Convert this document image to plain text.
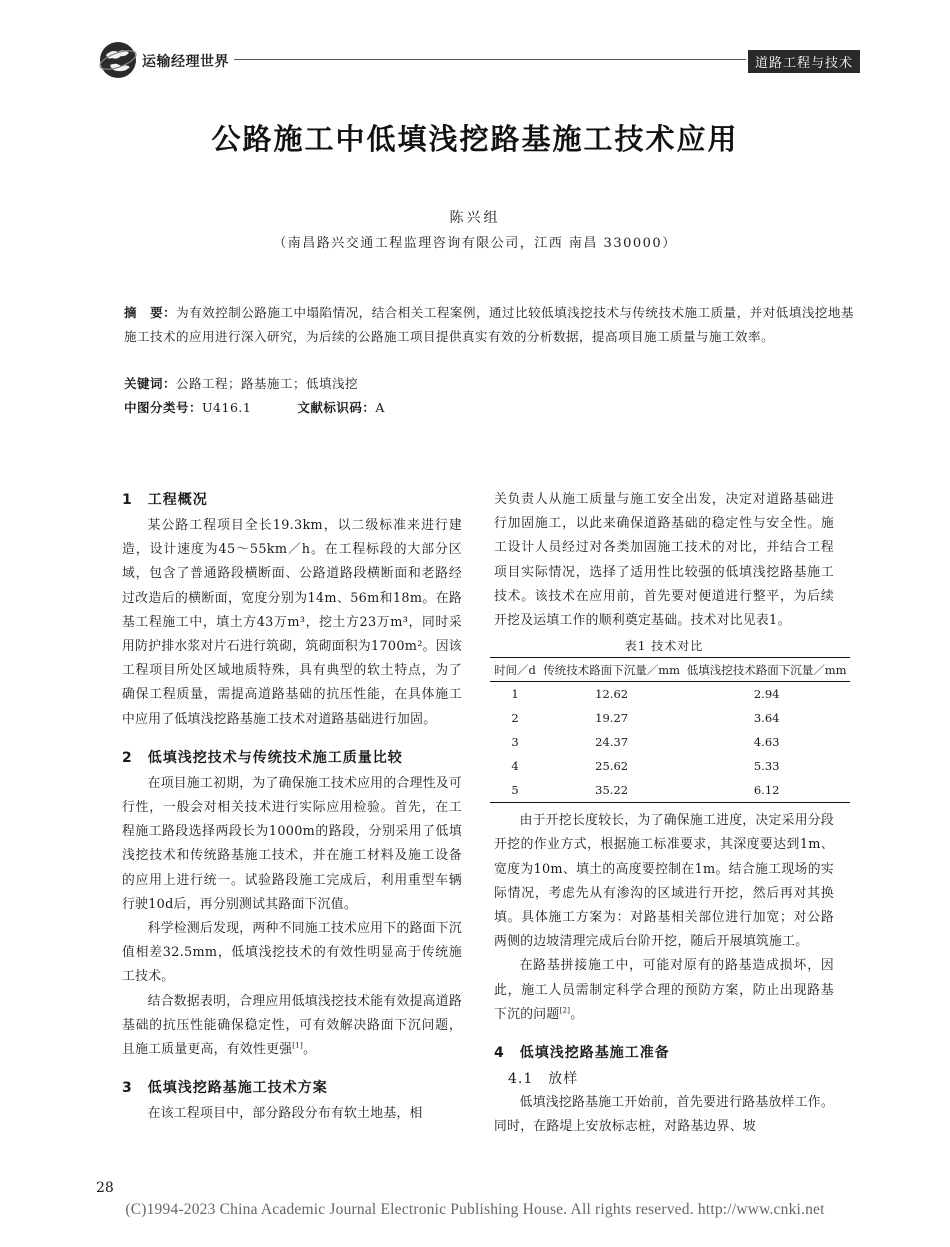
运输经理世界	道路工程与技术
公路施工中低填浅挖路基施工技术应用
陈兴组
（南昌路兴交通工程监理咨询有限公司，江西 南昌 330000）
摘　要：为有效控制公路施工中塌陷情况，结合相关工程案例，通过比较低填浅挖技术与传统技术施工质量，并对低填浅挖地基施工技术的应用进行深入研究，为后续的公路施工项目提供真实有效的分析数据，提高项目施工质量与施工效率。
关键词：公路工程；路基施工；低填浅挖
中图分类号：U416.1	文献标识码：A
1　工程概况

某公路工程项目全长19.3km，以二级标准来进行建造，设计速度为45～55km／h。在工程标段的大部分区域，包含了普通路段横断面、公路道路段横断面和老路经过改造后的横断面，宽度分别为14m、56m和18m。在路基工程施工中，填土方43万m³，挖土方23万m³，同时采用防护排水浆对片石进行筑砌，筑砌面积为1700m²。因该工程项目所处区域地质特殊，具有典型的软土特点，为了确保工程质量，需提高道路基础的抗压性能，在具体施工中应用了低填浅挖路基施工技术对道路基础进行加固。

2　低填浅挖技术与传统技术施工质量比较

在项目施工初期，为了确保施工技术应用的合理性及可行性，一般会对相关技术进行实际应用检验。首先，在工程施工路段选择两段长为1000m的路段，分别采用了低填浅挖技术和传统路基施工技术，并在施工材料及施工设备的应用上进行统一。试验路段施工完成后，利用重型车辆行驶10d后，再分别测试其路面下沉值。

科学检测后发现，两种不同施工技术应用下的路面下沉值相差32.5mm，低填浅挖技术的有效性明显高于传统施工技术。

结合数据表明，合理应用低填浅挖技术能有效提高道路基础的抗压性能确保稳定性，可有效解决路面下沉问题，且施工质量更高，有效性更强[1]。

3　低填浅挖路基施工技术方案

在该工程项目中，部分路段分布有软土地基，相

关负责人从施工质量与施工安全出发，决定对道路基础进行加固施工，以此来确保道路基础的稳定性与安全性。施工设计人员经过对各类加固施工技术的对比，并结合工程项目实际情况，选择了适用性比较强的低填浅挖路基施工技术。该技术在应用前，首先要对便道进行整平，为后续开挖及运填工作的顺利奠定基础。技术对比见表1。

表1 技术对比
时间／d	传统技术路面下沉量／mm	低填浅挖技术路面下沉量／mm
1	12.62	2.94
2	19.27	3.64
3	24.37	4.63
4	25.62	5.33
5	35.22	6.12

由于开挖长度较长，为了确保施工进度，决定采用分段开挖的作业方式，根据施工标准要求，其深度要达到1m、宽度为10m、填土的高度要控制在1m。结合施工现场的实际情况，考虑先从有渗沟的区域进行开挖，然后再对其换填。具体施工方案为：对路基相关部位进行加宽；对公路两侧的边坡清理完成后台阶开挖，随后开展填筑施工。

在路基拼接施工中，可能对原有的路基造成损坏，因此，施工人员需制定科学合理的预防方案，防止出现路基下沉的问题[2]。

4　低填浅挖路基施工准备
4.1　放样

低填浅挖路基施工开始前，首先要进行路基放样工作。同时，在路堤上安放标志桩，对路基边界、坡

28
(C)1994-2023 China Academic Journal Electronic Publishing House. All rights reserved. http://www.cnki.net
